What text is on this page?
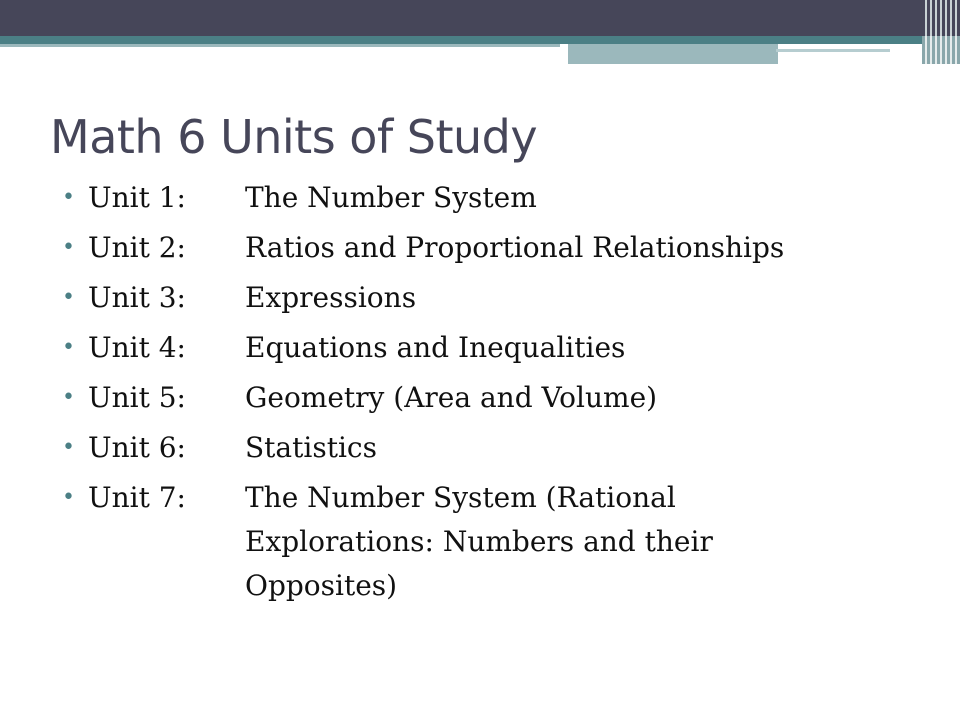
Math 6 Units of Study
• Unit 1:	The Number System
• Unit 2:	Ratios and Proportional Relationships
• Unit 3:	Expressions
• Unit 4:	Equations and Inequalities
• Unit 5:	Geometry (Area and Volume)
• Unit 6:	Statistics
• Unit 7:	The Number System (Rational Explorations: Numbers and their Opposites)
